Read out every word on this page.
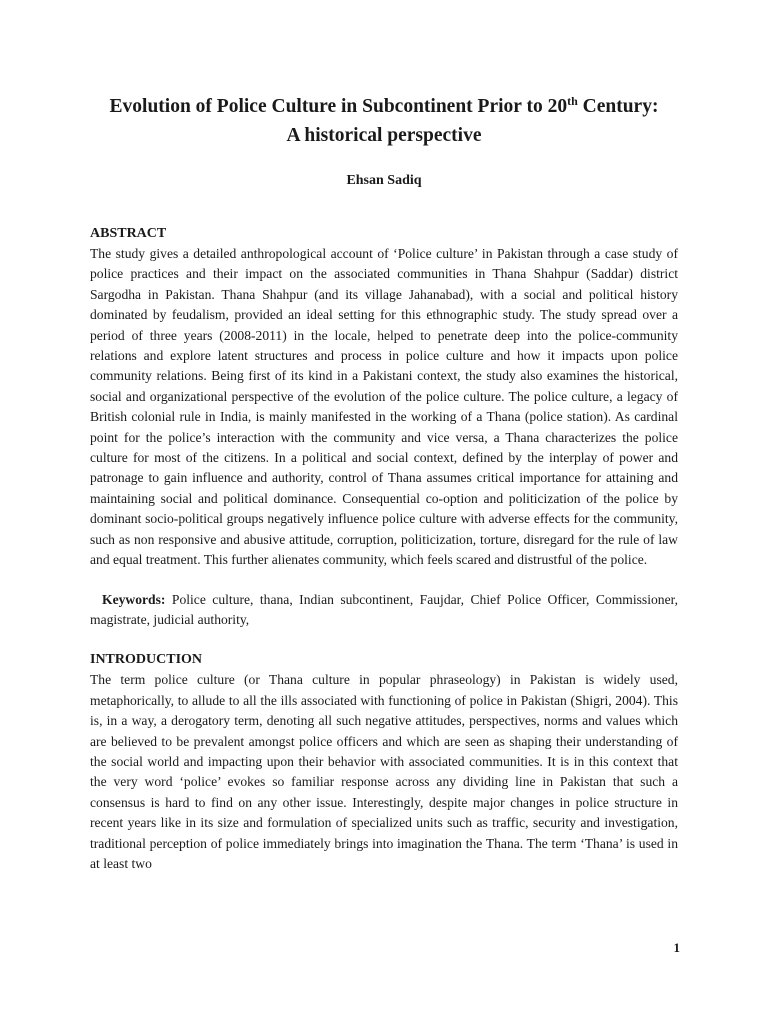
Evolution of Police Culture in Subcontinent Prior to 20th Century:
A historical perspective
Ehsan Sadiq
ABSTRACT

The study gives a detailed anthropological account of ‘Police culture’ in Pakistan through a case study of police practices and their impact on the associated communities in Thana Shahpur (Saddar) district Sargodha in Pakistan. Thana Shahpur (and its village Jahanabad), with a social and political history dominated by feudalism, provided an ideal setting for this ethnographic study. The study spread over a period of three years (2008-2011) in the locale, helped to penetrate deep into the police-community relations and explore latent structures and process in police culture and how it impacts upon police community relations. Being first of its kind in a Pakistani context, the study also examines the historical, social and organizational perspective of the evolution of the police culture. The police culture, a legacy of British colonial rule in India, is mainly manifested in the working of a Thana (police station). As cardinal point for the police’s interaction with the community and vice versa, a Thana characterizes the police culture for most of the citizens. In a political and social context, defined by the interplay of power and patronage to gain influence and authority, control of Thana assumes critical importance for attaining and maintaining social and political dominance. Consequential co-option and politicization of the police by dominant socio-political groups negatively influence police culture with adverse effects for the community, such as non responsive and abusive attitude, corruption, politicization, torture, disregard for the rule of law and equal treatment. This further alienates community, which feels scared and distrustful of the police.

Keywords: Police culture, thana, Indian subcontinent, Faujdar, Chief Police Officer, Commissioner, magistrate, judicial authority,

INTRODUCTION

The term police culture (or Thana culture in popular phraseology) in Pakistan is widely used, metaphorically, to allude to all the ills associated with functioning of police in Pakistan (Shigri, 2004). This is, in a way, a derogatory term, denoting all such negative attitudes, perspectives, norms and values which are believed to be prevalent amongst police officers and which are seen as shaping their understanding of the social world and impacting upon their behavior with associated communities. It is in this context that the very word ‘police’ evokes so familiar response across any dividing line in Pakistan that such a consensus is hard to find on any other issue. Interestingly, despite major changes in police structure in recent years like in its size and formulation of specialized units such as traffic, security and investigation, traditional perception of police immediately brings into imagination the Thana. The term ‘Thana’ is used in at least two

1
